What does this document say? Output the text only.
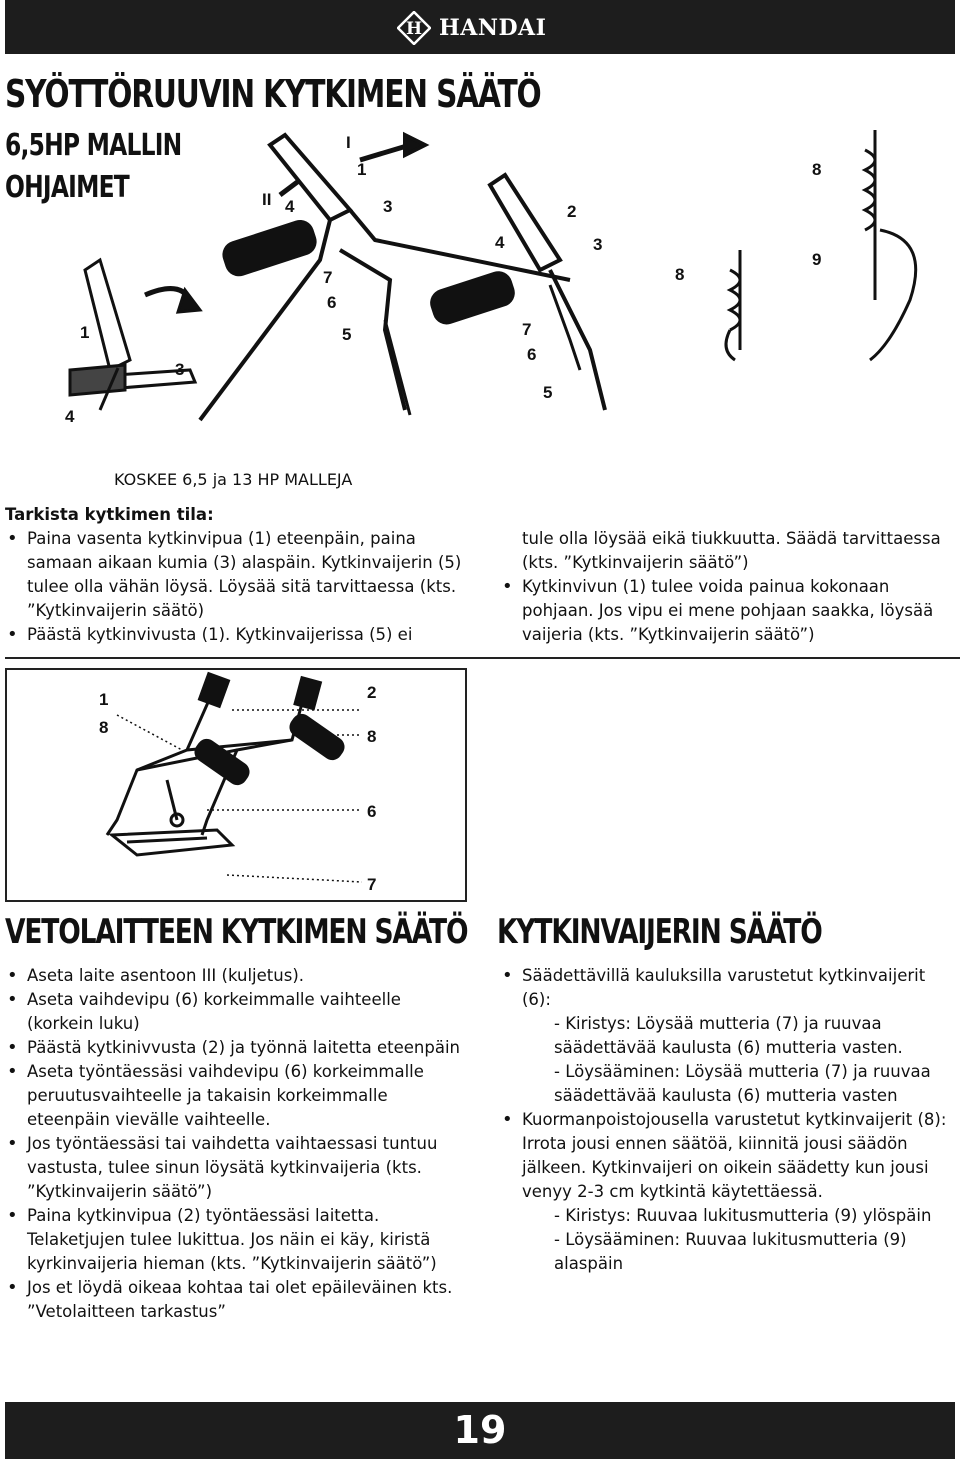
H HANDAI
SYÖTTÖRUUVIN KYTKIMEN SÄÄTÖ
6,5HP MALLIN
OHJAIMET
1
3
4
I
II
1
4	3
7
6
5
2
4	3
7
6
5
8
8
9
KOSKEE 6,5 ja 13 HP MALLEJA
Tarkista kytkimen tila:
• Paina vasenta kytkinvipua (1) eteenpäin, paina samaan aikaan kumia (3) alaspäin. Kytkinvaijerin (5) tulee olla vähän löysä. Löysää sitä tarvittaessa (kts. ”Kytkinvaijerin säätö)
• Päästä kytkinvivusta (1). Kytkinvaijerissa (5) ei
tule olla löysää eikä tiukkuutta. Säädä tarvittaessa (kts. ”Kytkinvaijerin säätö”)
• Kytkinvivun (1) tulee voida painua kokonaan pohjaan. Jos vipu ei mene pohjaan saakka, löysää vaijeria (kts. ”Kytkinvaijerin säätö”)
1
8
2
8
6
7
VETOLAITTEEN KYTKIMEN SÄÄTÖ
• Aseta laite asentoon III (kuljetus).
• Aseta vaihdevipu (6) korkeimmalle vaihteelle (korkein luku)
• Päästä kytkinivvusta (2) ja työnnä laitetta eteenpäin
• Aseta työntäessäsi vaihdevipu (6) korkeimmalle peruutusvaihteelle ja takaisin korkeimmalle eteenpäin vievälle vaihteelle.
• Jos työntäessäsi tai vaihdetta vaihtaessasi tuntuu vastusta, tulee sinun löysätä kytkinvaijeria (kts. ”Kytkinvaijerin säätö”)
• Paina kytkinvipua (2) työntäessäsi laitetta. Telaketjujen tulee lukittua. Jos näin ei käy, kiristä kyrkinvaijeria hieman (kts. ”Kytkinvaijerin säätö”)
• Jos et löydä oikeaa kohtaa tai olet epäileväinen kts. ”Vetolaitteen tarkastus”
KYTKINVAIJERIN SÄÄTÖ
• Säädettävillä kauluksilla varustetut kytkinvaijerit (6):
- Kiristys: Löysää mutteria (7) ja ruuvaa säädettävää kaulusta (6) mutteria vasten.
- Löysääminen: Löysää mutteria (7) ja ruuvaa säädettävää kaulusta (6) mutteria vasten
• Kuormanpoistojousella varustetut kytkinvaijerit (8): Irrota jousi ennen säätöä, kiinnitä jousi säädön jälkeen. Kytkinvaijeri on oikein säädetty kun jousi venyy 2-3 cm kytkintä käytettäessä.
- Kiristys: Ruuvaa lukitusmutteria (9) ylöspäin
- Löysääminen: Ruuvaa lukitusmutteria (9) alaspäin
19
